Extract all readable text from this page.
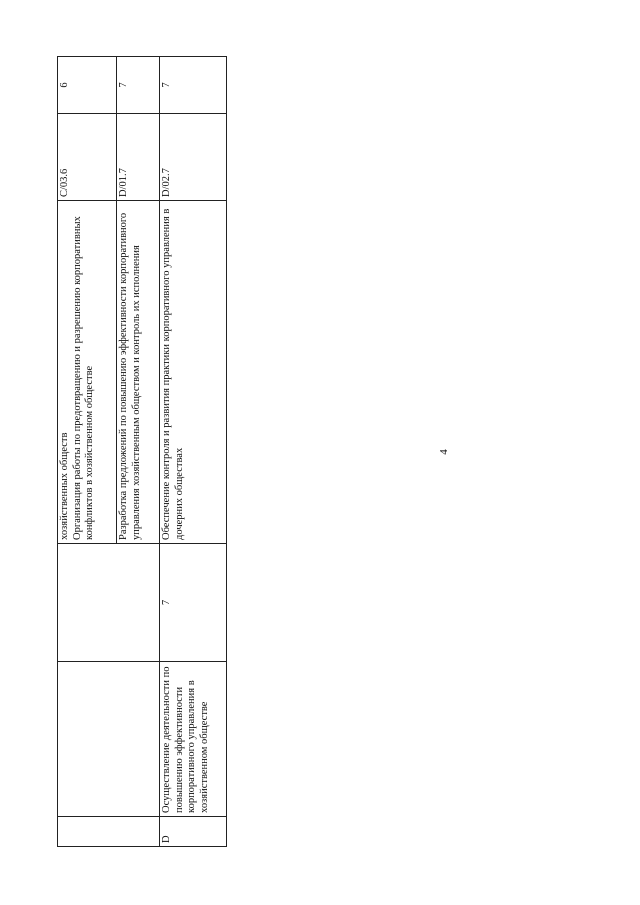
4
			хозяйственных обществ Организация работы по предотвращению и разрешению корпоративных конфликтов в хозяйственном обществе	C/03.6	6
			Разработка предложений по повышению эффективности корпоративного управления хозяйственным обществом и контроль их исполнения	D/01.7	7
D	Осуществление деятельности по повышению эффективности корпоративного управления в хозяйственном обществе	7	Обеспечение контроля и развития практики корпоративного управления в дочерних обществах	D/02.7	7
